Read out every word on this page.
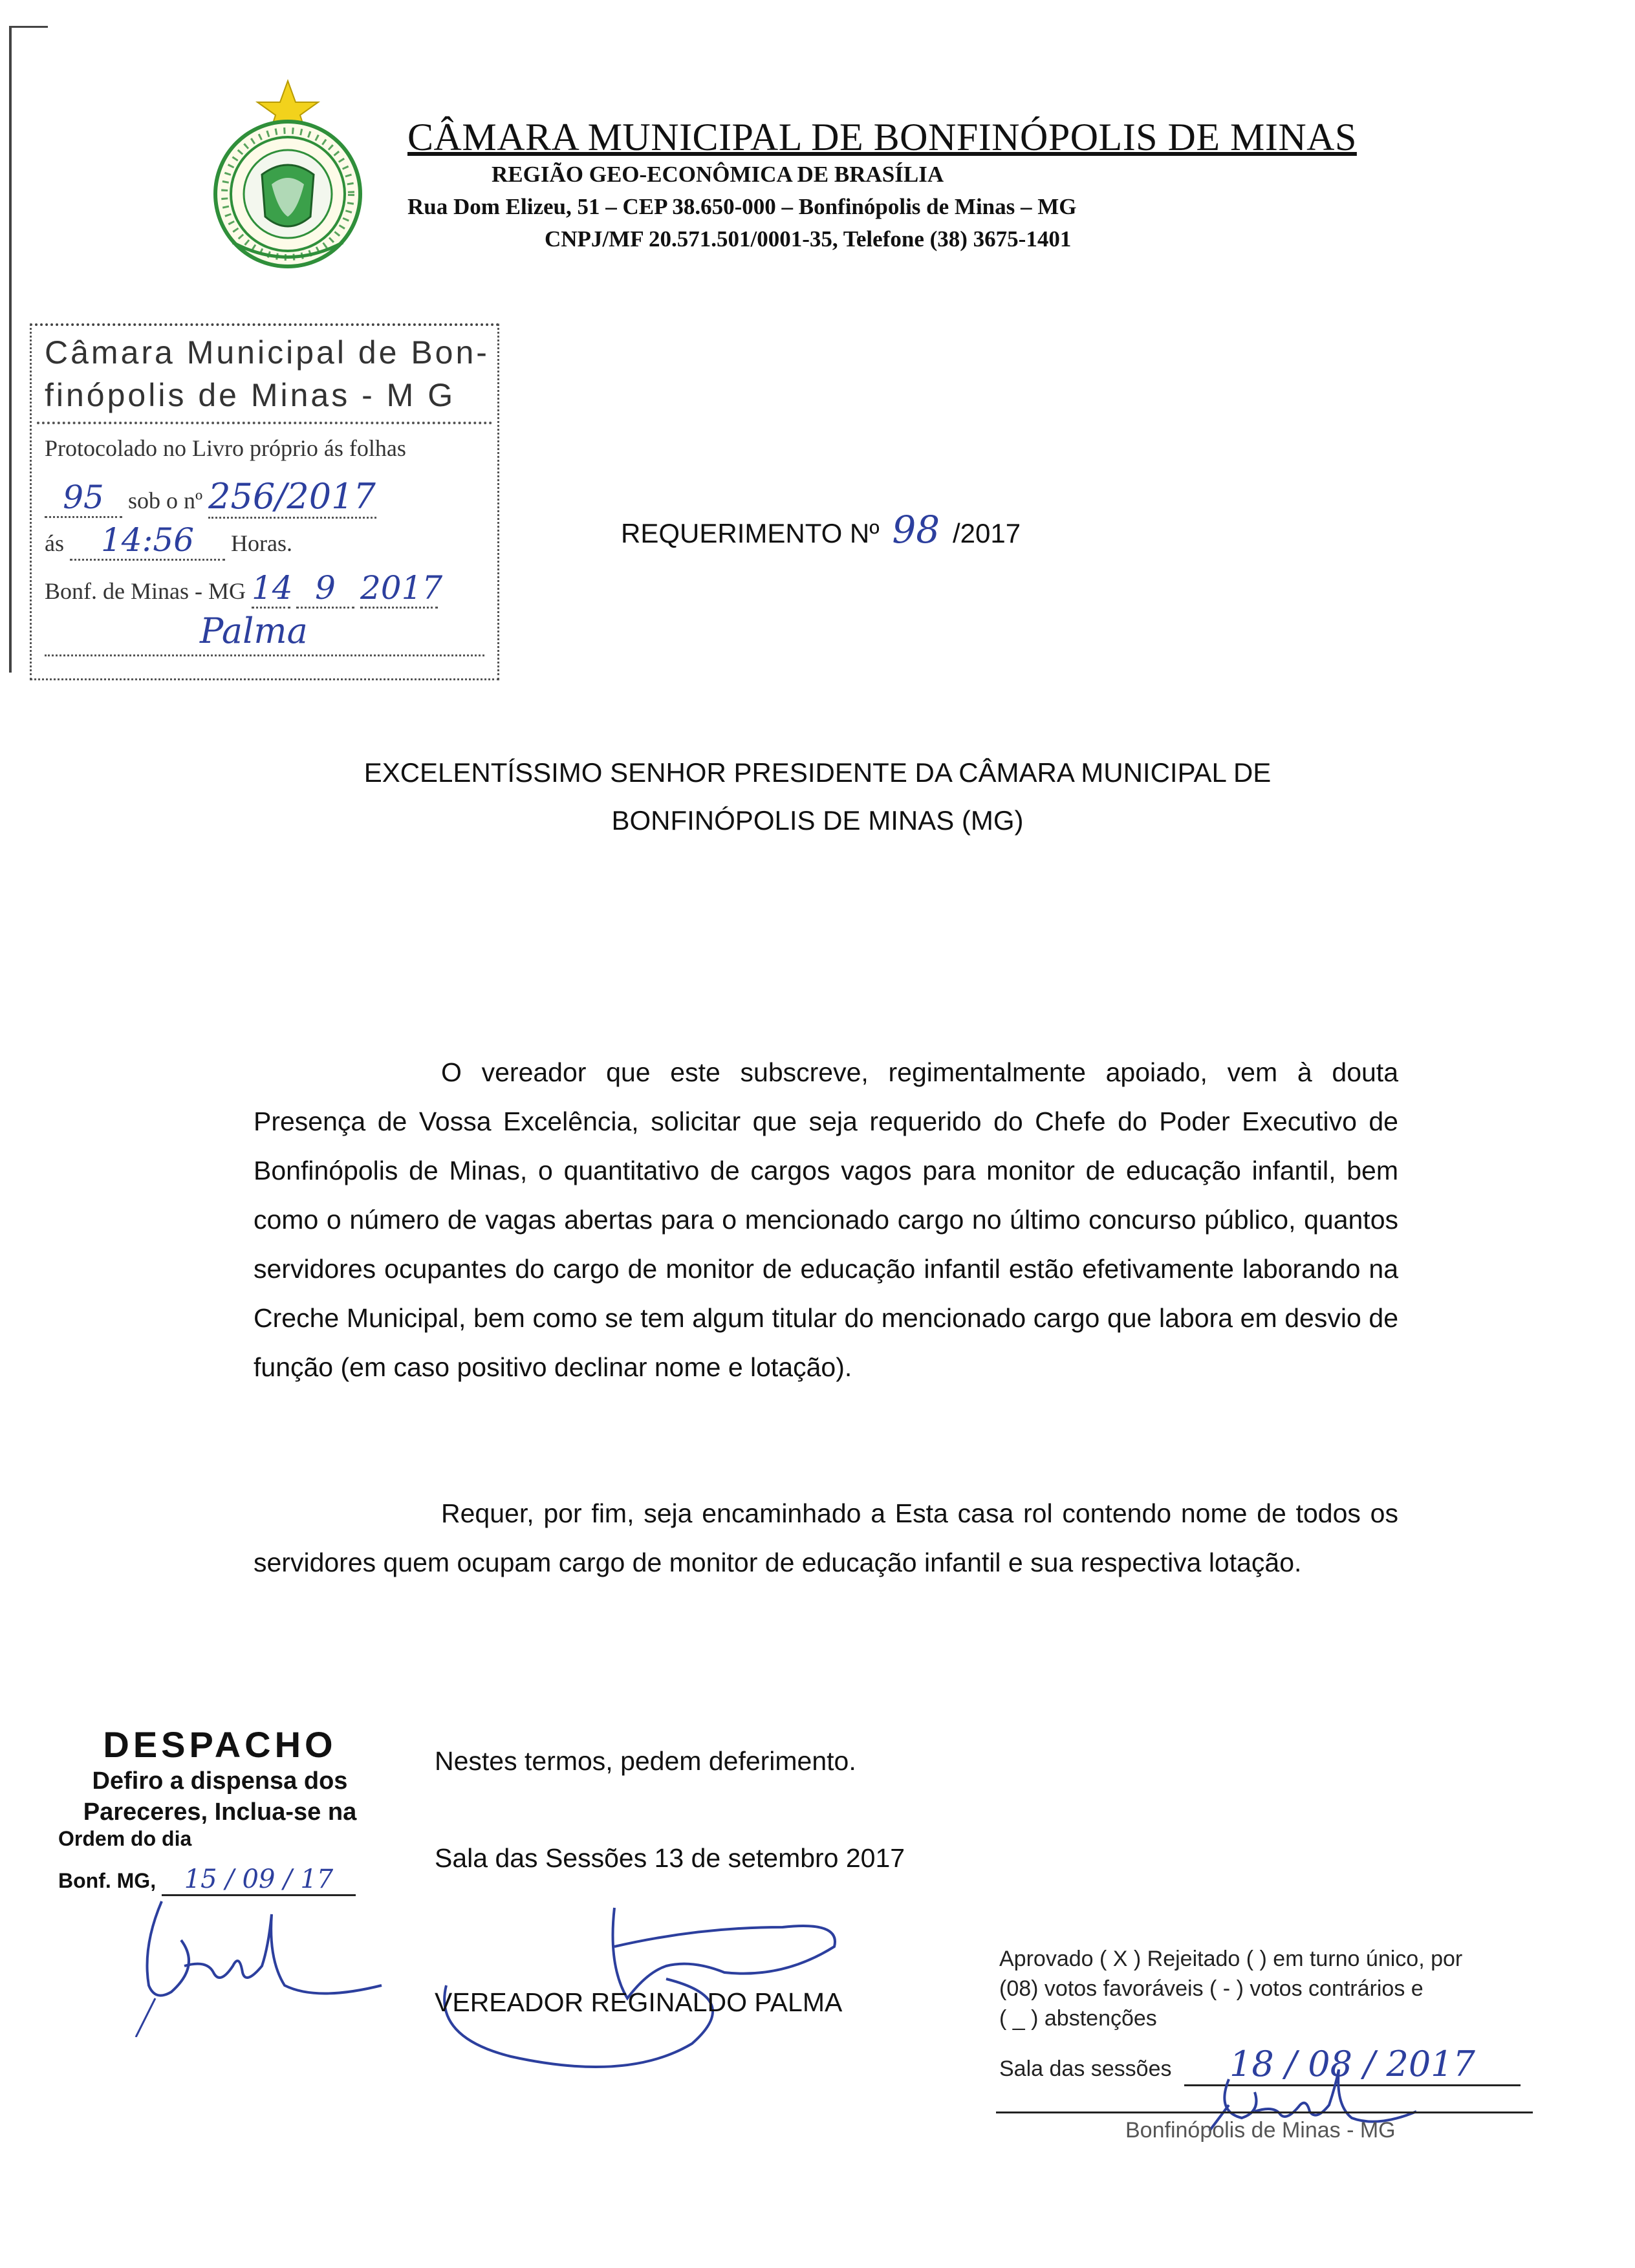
CÂMARA MUNICIPAL DE BONFINÓPOLIS DE MINAS
REGIÃO GEO-ECONÔMICA DE BRASÍLIA
Rua Dom Elizeu, 51 – CEP 38.650-000 – Bonfinópolis de Minas – MG
CNPJ/MF 20.571.501/0001-35, Telefone (38) 3675-1401
Câmara Municipal de Bon-
finópolis de Minas - M G
Protocolado no Livro próprio ás folhas
95 sob o nº 256/2017
ás 14:56 Horas.
Bonf. de Minas - MG 14 9 2017
Palma
REQUERIMENTO Nº 98 /2017
EXCELENTÍSSIMO SENHOR PRESIDENTE DA CÂMARA MUNICIPAL DE
BONFINÓPOLIS DE MINAS (MG)
O vereador que este subscreve, regimentalmente apoiado, vem à douta Presença de Vossa Excelência, solicitar que seja requerido do Chefe do Poder Executivo de Bonfinópolis de Minas, o quantitativo de cargos vagos para monitor de educação infantil, bem como o número de vagas abertas para o mencionado cargo no último concurso público, quantos servidores ocupantes do cargo de monitor de educação infantil estão efetivamente laborando na Creche Municipal, bem como se tem algum titular do mencionado cargo que labora em desvio de função (em caso positivo declinar nome e lotação).
Requer, por fim, seja encaminhado a Esta casa rol contendo nome de todos os servidores quem ocupam cargo de monitor de educação infantil e sua respectiva lotação.
DESPACHO
Defiro a dispensa dos
Pareceres, Inclua-se na
Ordem do dia
Bonf. MG, 15 / 09 / 17
Nestes termos, pedem deferimento.
Sala das Sessões 13 de setembro 2017
VEREADOR REGINALDO PALMA
Aprovado ( X ) Rejeitado ( ) em turno único, por
(08) votos favoráveis ( - ) votos contrários e
( _ ) abstenções
Sala das sessões 18 / 08 / 2017
Bonfinópolis de Minas - MG
